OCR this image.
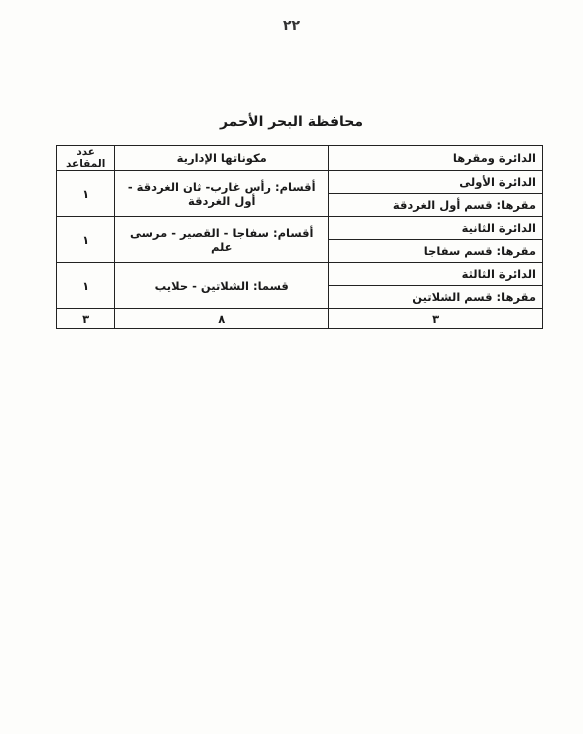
٢٢
محافظة البحر الأحمر
الدائرة ومقرها	مكوناتها الإدارية	عدد المقاعد
الدائرة الأولى	أقسام: رأس غارب- ثان الغردقة - أول الغردقة	١
مقرها: قسم أول الغردقة		
الدائرة الثانية	أقسام: سفاجا - القصير - مرسى علم	١
مقرها: قسم سفاجا		
الدائرة الثالثة	قسما: الشلاتين - حلايب	١
مقرها: قسم الشلاتين		
٣	٨	٣
